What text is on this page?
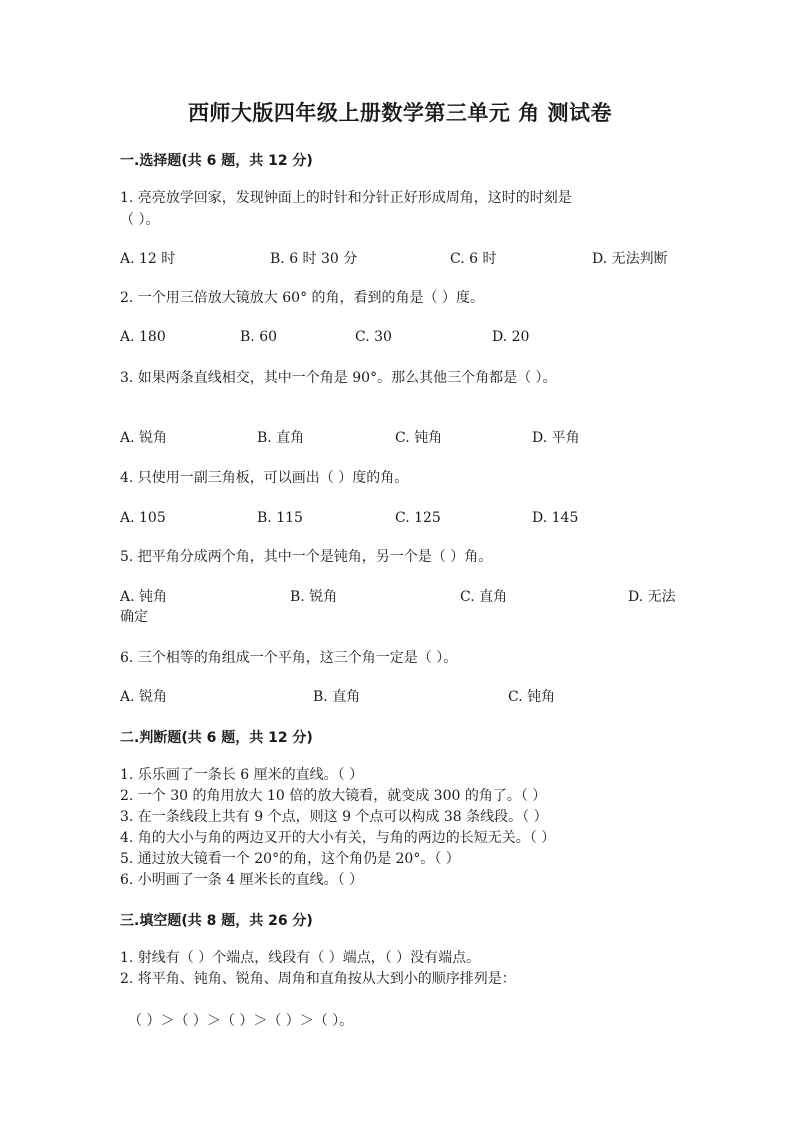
西师大版四年级上册数学第三单元 角 测试卷
一.选择题(共 6 题，共 12 分)
1. 亮亮放学回家，发现钟面上的时针和分针正好形成周角，这时的时刻是
（ ）。
A. 12 时	B. 6 时 30 分	C. 6 时	D. 无法判断
2. 一个用三倍放大镜放大 60° 的角，看到的角是（ ）度。
A. 180	B. 60	C. 30	D. 20
3. 如果两条直线相交，其中一个角是 90°。那么其他三个角都是（ ）。
A. 锐角	B. 直角	C. 钝角	D. 平角
4. 只使用一副三角板，可以画出（ ）度的角。
A. 105	B. 115	C. 125	D. 145
5. 把平角分成两个角，其中一个是钝角，另一个是（ ）角。
A. 钝角	B. 锐角	C. 直角	D. 无法
确定
6. 三个相等的角组成一个平角，这三个角一定是（ ）。
A. 锐角	B. 直角	C. 钝角
二.判断题(共 6 题，共 12 分)
1. 乐乐画了一条长 6 厘米的直线。（ ）
2. 一个 30 的角用放大 10 倍的放大镜看，就变成 300 的角了。（ ）
3. 在一条线段上共有 9 个点，则这 9 个点可以构成 38 条线段。（ ）
4. 角的大小与角的两边叉开的大小有关，与角的两边的长短无关。（ ）
5. 通过放大镜看一个 20°的角，这个角仍是 20°。（ ）
6. 小明画了一条 4 厘米长的直线。（ ）
三.填空题(共 8 题，共 26 分)
1. 射线有（ ）个端点，线段有（ ）端点，（ ）没有端点。
2. 将平角、钝角、锐角、周角和直角按从大到小的顺序排列是：
（ ）＞（ ）＞（ ）＞（ ）＞（ ）。
